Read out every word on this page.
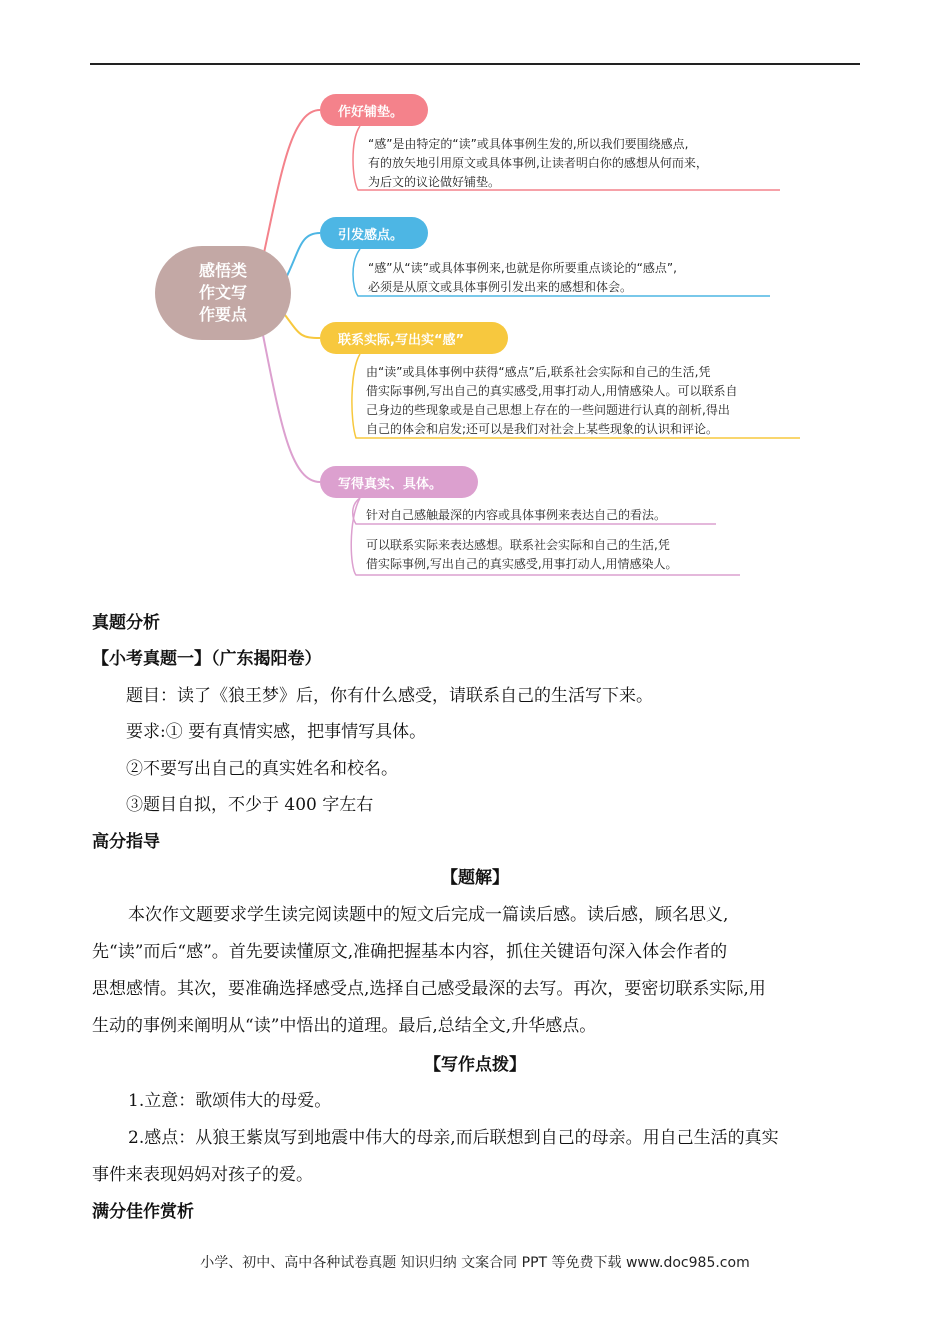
感悟类
作文写
作要点
作好铺垫。
“感”是由特定的“读”或具体事例生发的,所以我们要围绕感点,
有的放矢地引用原文或具体事例,让读者明白你的感想从何而来，
为后文的议论做好铺垫。
引发感点。
“感”从“读”或具体事例来,也就是你所要重点谈论的“感点”,
必须是从原文或具体事例引发出来的感想和体会。
联系实际,写出实“感”
由“读”或具体事例中获得“感点”后,联系社会实际和自己的生活,凭
借实际事例,写出自己的真实感受,用事打动人,用情感染人。可以联系自
己身边的些现象或是自己思想上存在的一些问题进行认真的剖析,得出
自己的体会和启发;还可以是我们对社会上某些现象的认识和评论。
写得真实、具体。
针对自己感触最深的内容或具体事例来表达自己的看法。
可以联系实际来表达感想。联系社会实际和自己的生活,凭
借实际事例,写出自己的真实感受,用事打动人,用情感染人。
真题分析
【小考真题一】（广东揭阳卷）
题目：读了《狼王梦》后，你有什么感受，请联系自己的生活写下来。
要求:① 要有真情实感，把事情写具体。
②不要写出自己的真实姓名和校名。
③题目自拟，不少于 400 字左右
高分指导
【题解】
本次作文题要求学生读完阅读题中的短文后完成一篇读后感。读后感，顾名思义,
先“读”而后“感”。首先要读懂原文,准确把握基本内容，抓住关键语句深入体会作者的
思想感情。其次，要准确选择感受点,选择自己感受最深的去写。再次，要密切联系实际,用
生动的事例来阐明从“读”中悟出的道理。最后,总结全文,升华感点。
【写作点拨】
1.立意：歌颂伟大的母爱。
2.感点：从狼王紫岚写到地震中伟大的母亲,而后联想到自己的母亲。用自己生活的真实
事件来表现妈妈对孩子的爱。
满分佳作赏析
小学、初中、高中各种试卷真题 知识归纳 文案合同 PPT 等免费下载 www.doc985.com
